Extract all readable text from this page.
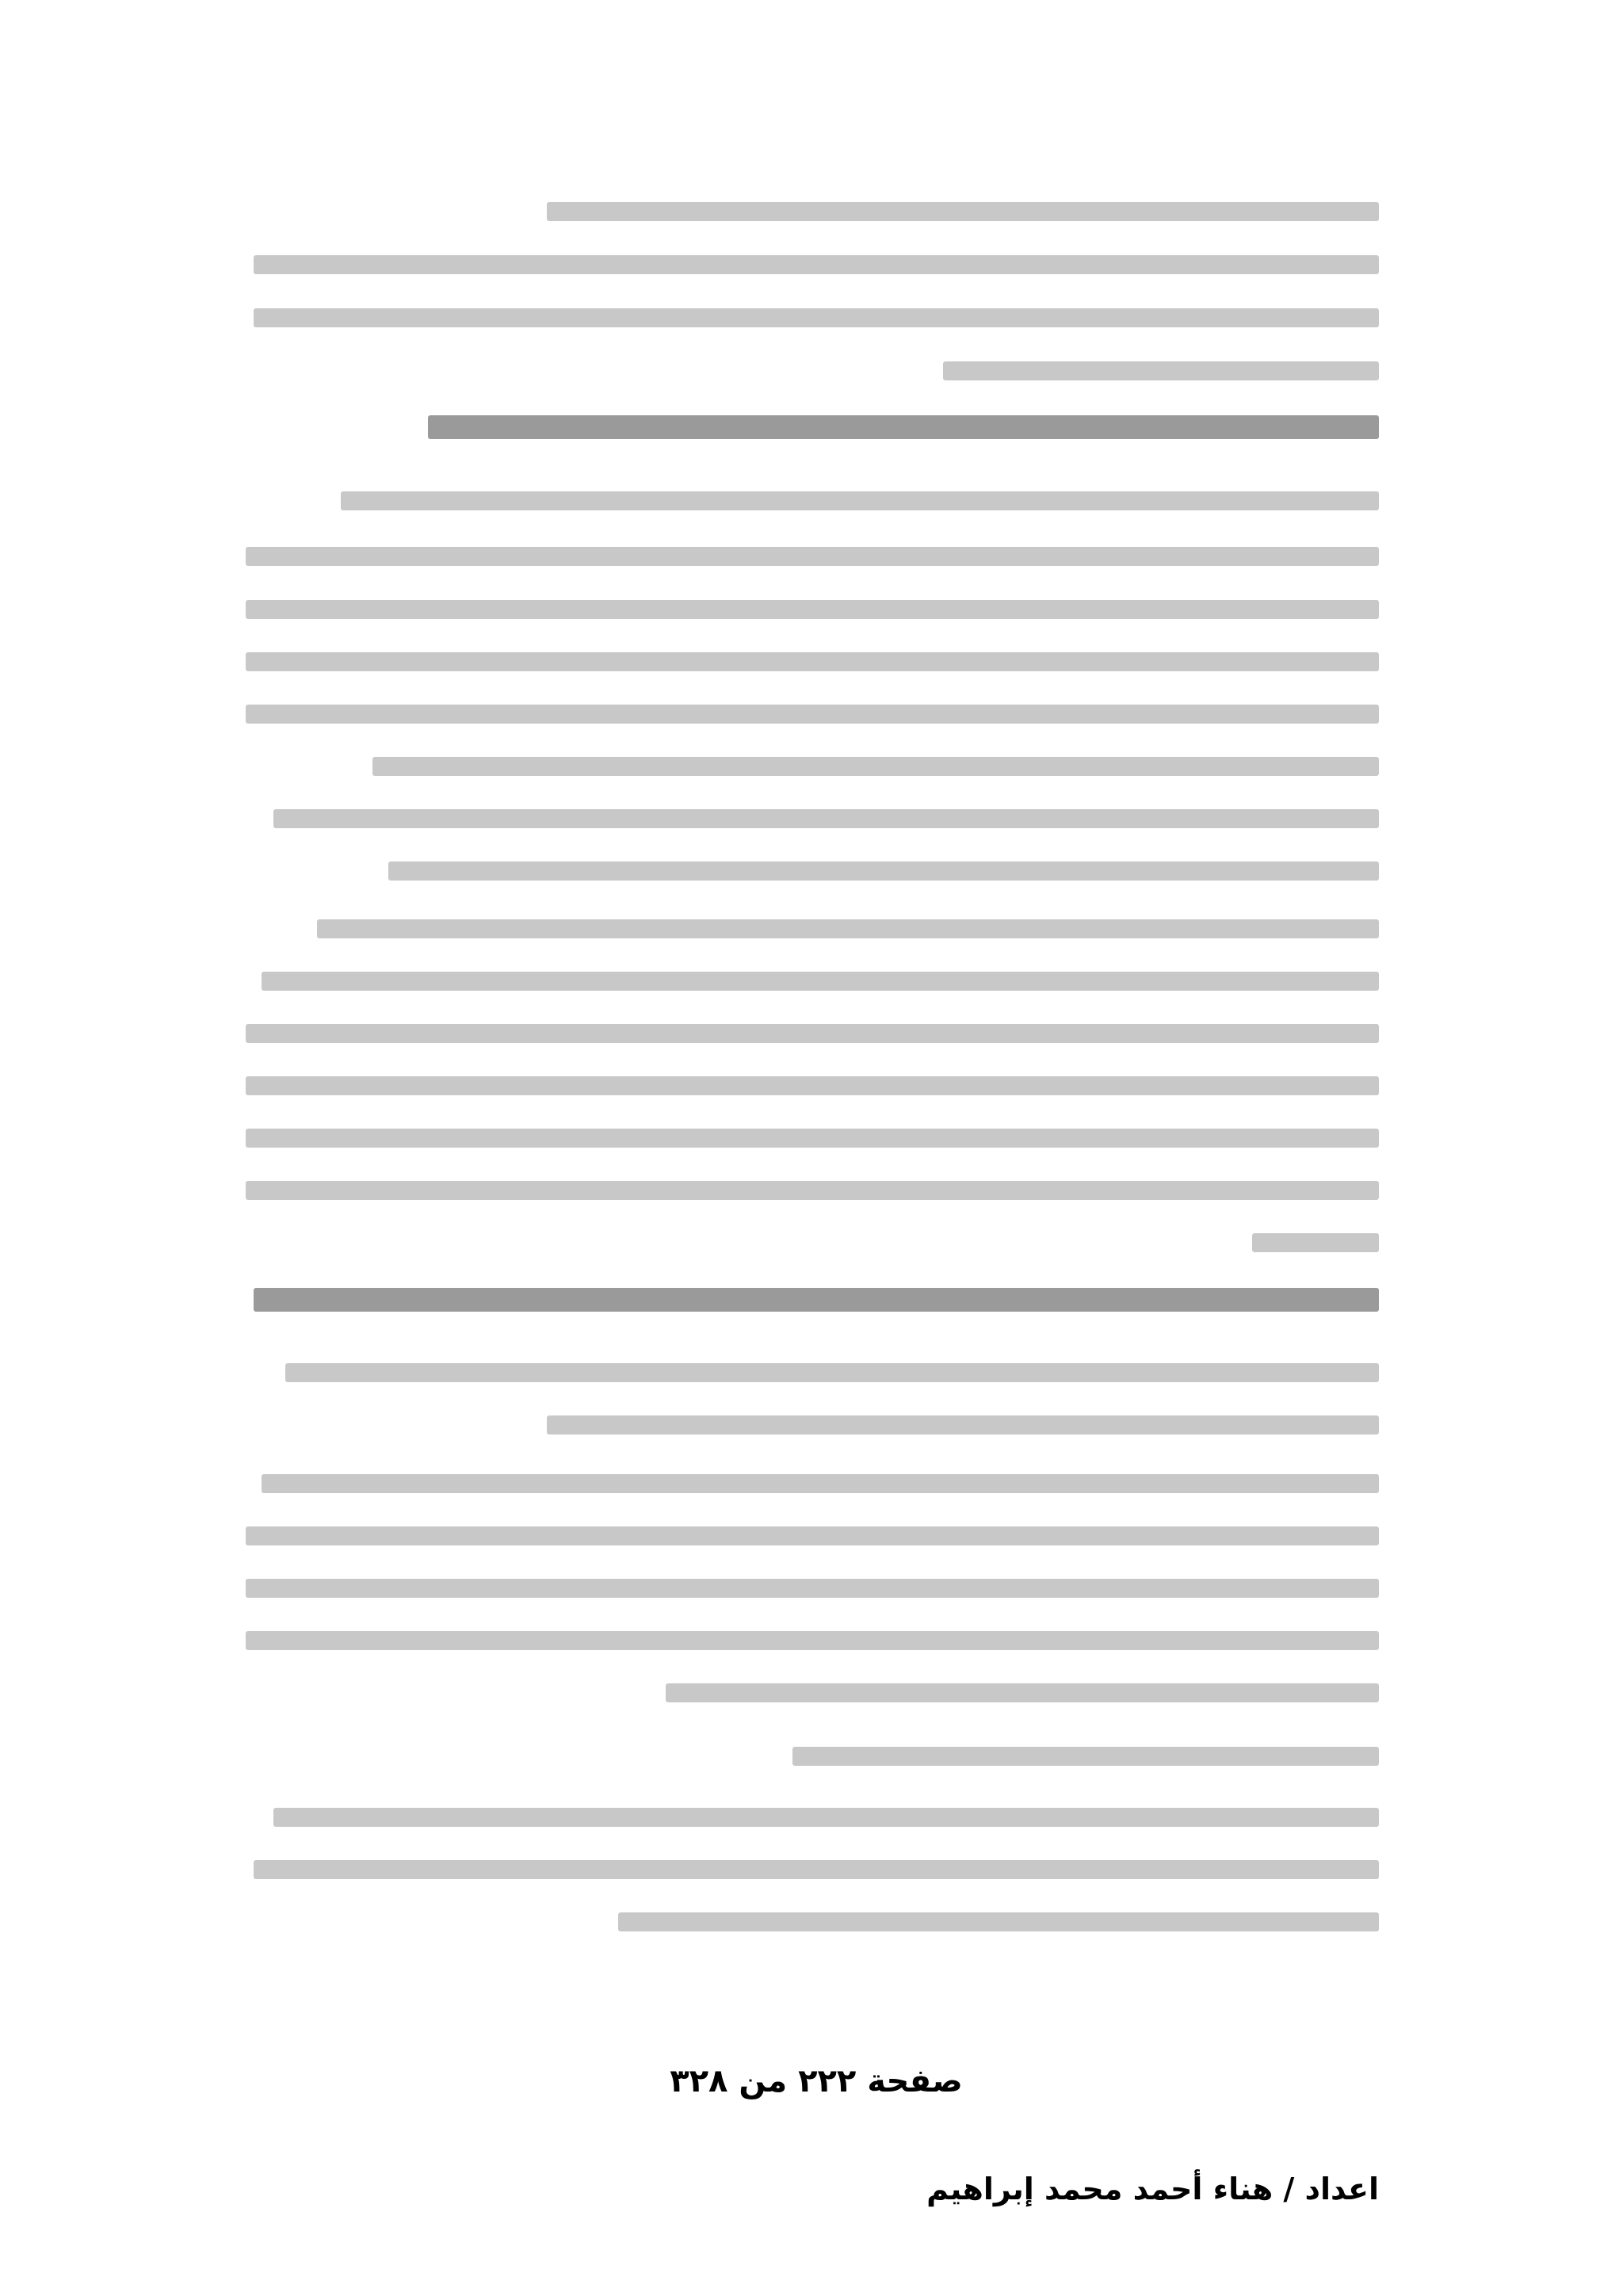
صفحة ٢٢٢ من ٣٢٨
اعداد / هناء أحمد محمد إبراهيم
